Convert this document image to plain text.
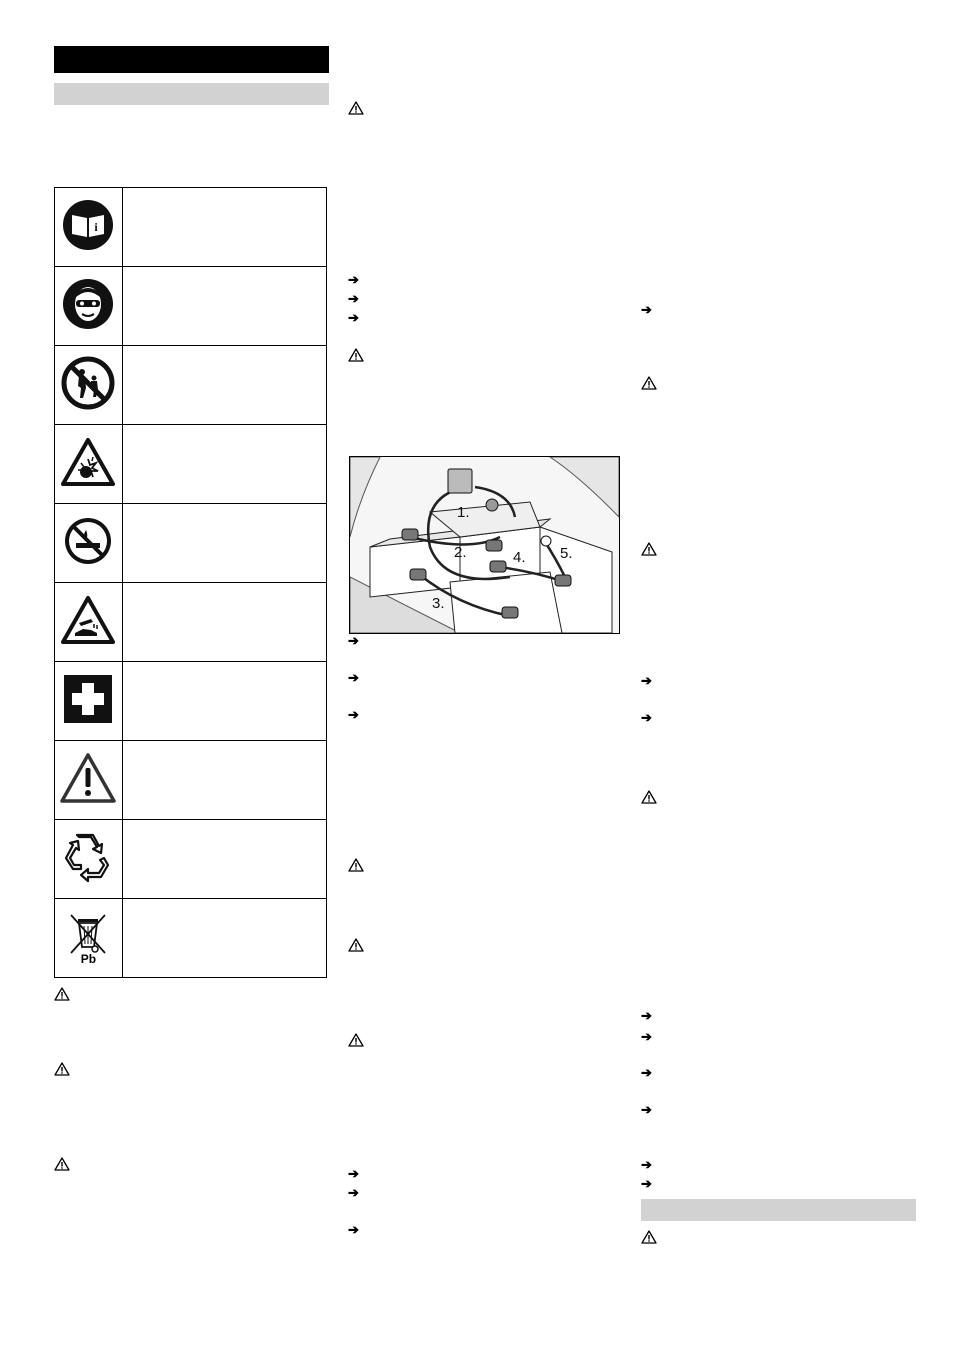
i	

Pb	

➔
➔
➔
1.
2.
3.
4. 5.
➔
➔
➔
➔
➔
➔
➔
➔
➔
➔
➔
➔
➔
➔
➔
